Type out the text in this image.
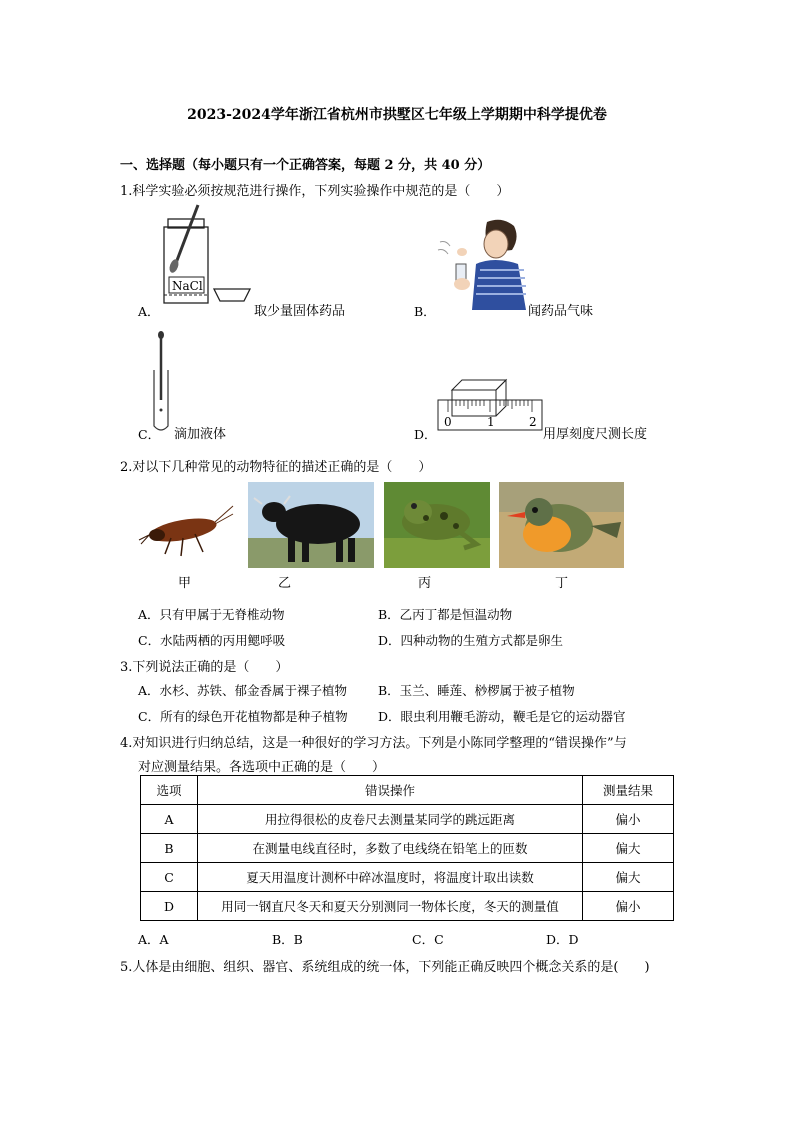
2023-2024学年浙江省杭州市拱墅区七年级上学期期中科学提优卷
一、选择题（每小题只有一个正确答案，每题 2 分，共 40 分）
1.科学实验必须按规范进行操作，下列实验操作中规范的是（　　）
NaCl
A．	取少量固体药品	B．	闻药品气味
C． 滴加液体
0	1	2
D．	用厚刻度尺测长度
2.对以下几种常见的动物特征的描述正确的是（　　）
甲	乙	丙	丁
A．只有甲属于无脊椎动物	B．乙丙丁都是恒温动物
C．水陆两栖的丙用鳃呼吸	D．四种动物的生殖方式都是卵生
3.下列说法正确的是（　　）
A．水杉、苏铁、郁金香属于裸子植物 B．玉兰、睡莲、桫椤属于被子植物
C．所有的绿色开花植物都是种子植物 D．眼虫利用鞭毛游动，鞭毛是它的运动器官
4.对知识进行归纳总结，这是一种很好的学习方法。下列是小陈同学整理的“错误操作”与
对应测量结果。各选项中正确的是（　　）
选项	错误操作	测量结果
A	用拉得很松的皮卷尺去测量某同学的跳远距离	偏小
B	在测量电线直径时，多数了电线绕在铅笔上的匝数	偏大
C	夏天用温度计测杯中碎冰温度时，将温度计取出读数	偏大
D	用同一钢直尺冬天和夏天分别测同一物体长度，冬天的测量值	偏小
A．A	B．B	C．C	D．D
5.人体是由细胞、组织、器官、系统组成的统一体，下列能正确反映四个概念关系的是(　　)
